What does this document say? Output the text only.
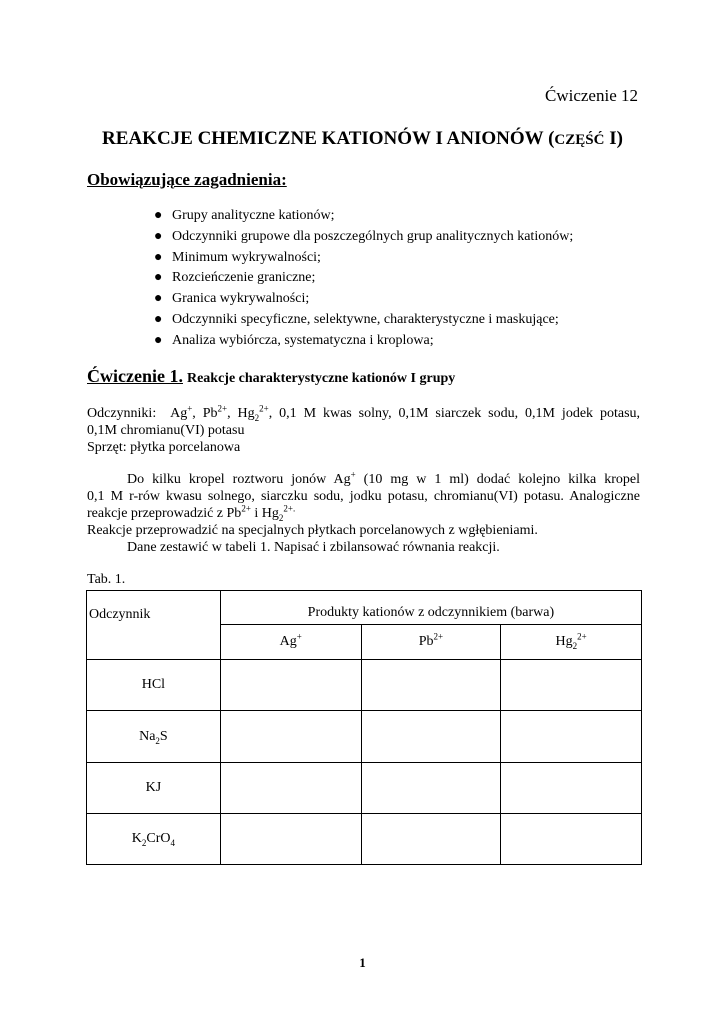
Ćwiczenie 12
REAKCJE CHEMICZNE KATIONÓW I ANIONÓW (CZĘŚĆ I)
Obowiązujące zagadnienia:
● Grupy analityczne kationów;
● Odczynniki grupowe dla poszczególnych grup analitycznych kationów;
● Minimum wykrywalności;
● Rozcieńczenie graniczne;
● Granica wykrywalności;
● Odczynniki specyficzne, selektywne, charakterystyczne i maskujące;
● Analiza wybiórcza, systematyczna i kroplowa;
Ćwiczenie 1. Reakcje charakterystyczne kationów I grupy
Odczynniki: Ag+, $Pb^{2+}$, $Hg_2^{2+}$, 0,1 M kwas solny, 0,1M siarczek sodu, 0,1M jodek potasu,
0,1M chromianu(VI) potasu
Sprzęt: płytka porcelanowa
Do kilku kropel roztworu jonów Ag+ (10 mg w 1 ml) dodać kolejno kilka kropel
0,1 M r-rów kwasu solnego, siarczku sodu, jodku potasu, chromianu(VI) potasu. Analogiczne
reakcje przeprowadzić z $Pb^{2+}$ i $Hg_2^{2+.}$
Reakcje przeprowadzić na specjalnych płytkach porcelanowych z wgłębieniami.
Dane zestawić w tabeli 1. Napisać i zbilansować równania reakcji.
Tab. 1.
Odczynnik	Produkty kationów z odczynnikiem (barwa)		
	Ag+	$Pb^{2+}$	$Hg_2^{2+}$
HCl			
$Na_2S$			
KJ			
$K_2CrO_4$			
1
